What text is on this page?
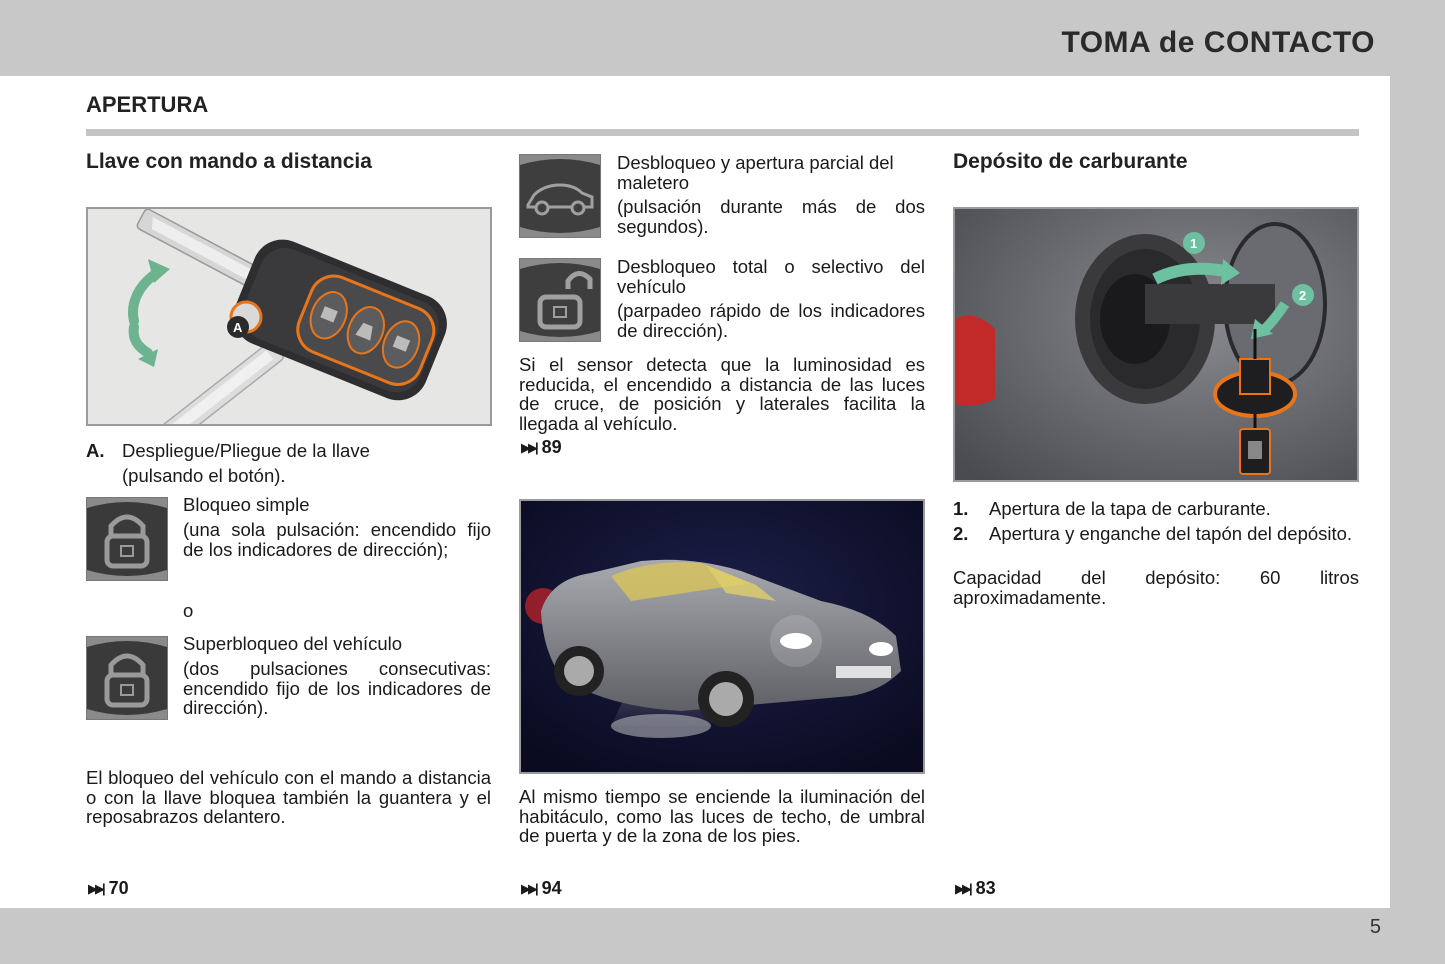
TOMA de CONTACTO
APERTURA
Llave con mando a distancia
A
A. Despliegue/Pliegue de la llave
(pulsando el botón).
Bloqueo simple
(una sola pulsación: encendido fijo de los indicadores de dirección);
o
Superbloqueo del vehículo
(dos pulsaciones consecutivas: encendido fijo de los indicadores de dirección).
El bloqueo del vehículo con el mando a distancia o con la llave bloquea también la guantera y el reposabrazos delantero.
▶▶| 70
Desbloqueo y apertura parcial del maletero
(pulsación durante más de dos segundos).
Desbloqueo total o selectivo del vehículo
(parpadeo rápido de los indicadores de dirección).
Si el sensor detecta que la luminosidad es reducida, el encendido a distancia de las luces de cruce, de posición y laterales facilita la llegada al vehículo.
▶▶| 89
Al mismo tiempo se enciende la iluminación del habitáculo, como las luces de techo, de umbral de puerta y de la zona de los pies.
▶▶| 94
Depósito de carburante
1
2
1. Apertura de la tapa de carburante.
2.	Apertura y enganche del tapón del depósito.
Capacidad del depósito: 60 litros aproximadamente.
▶▶| 83
5
